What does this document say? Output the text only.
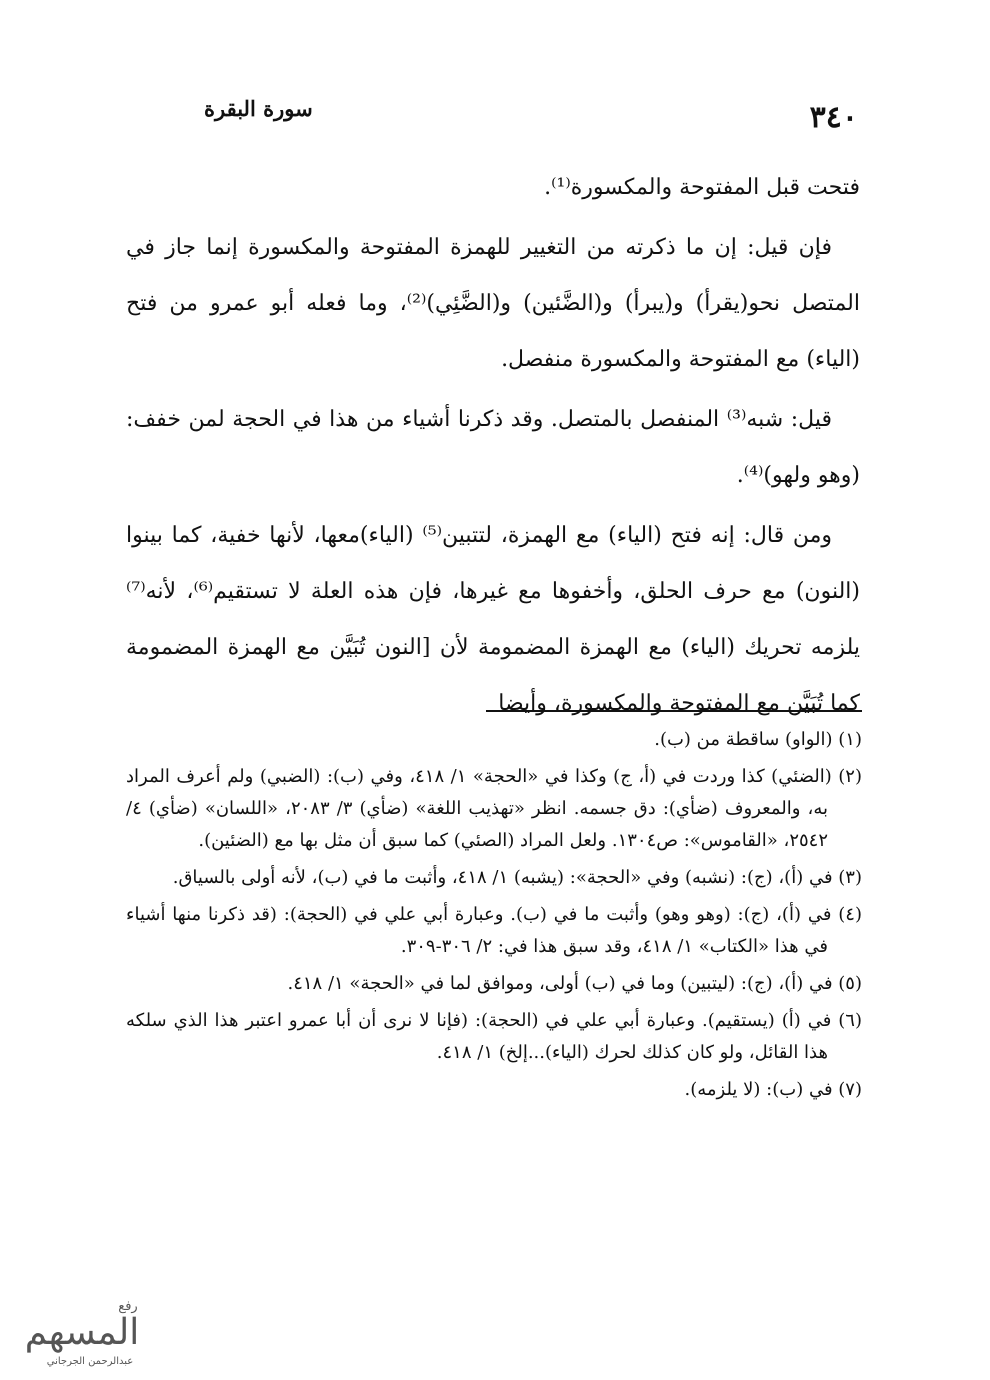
٣٤٠
سورة البقرة

فتحت قبل المفتوحة والمكسورة⁽¹⁾.

فإن قيل: إن ما ذكرته من التغيير للهمزة المفتوحة والمكسورة إنما جاز في المتصل نحو(يقرأ) و(يبرأ) و(الضَّئين) و(الضَّئِي)⁽²⁾، وما فعله أبو عمرو من فتح (الياء) مع المفتوحة والمكسورة منفصل.

قيل: شبه⁽³⁾ المنفصل بالمتصل. وقد ذكرنا أشياء من هذا في الحجة لمن خفف: (وهو ولهو)⁽⁴⁾.

ومن قال: إنه فتح (الياء) مع الهمزة، لتتبين⁽⁵⁾ (الياء)معها، لأنها خفية، كما بينوا (النون) مع حرف الحلق، وأخفوها مع غيرها، فإن هذه العلة لا تستقيم⁽⁶⁾، لأنه⁽⁷⁾ يلزمه تحريك (الياء) مع الهمزة المضمومة لأن [النون تُبَيَّن مع الهمزة المضمومة كما تُبَيَّن مع المفتوحة والمكسورة، وأيضا

(١) (الواو) ساقطة من (ب).

(٢) (الضئي) كذا وردت في (أ، ج) وكذا في «الحجة» ١/ ٤١٨، وفي (ب): (الضبي) ولم أعرف المراد به، والمعروف (ضأي): دق جسمه. انظر «تهذيب اللغة» (ضأي) ٣/ ٢٠٨٣، «اللسان» (ضأي) ٤/ ٢٥٤٢، «القاموس»: ص١٣٠٤. ولعل المراد (الصئي) كما سبق أن مثل بها مع (الضئين).

(٣) في (أ)، (ج): (نشبه) وفي «الحجة»: (يشبه) ١/ ٤١٨، وأثبت ما في (ب)، لأنه أولى بالسياق.

(٤) في (أ)، (ج): (وهو وهو) وأثبت ما في (ب). وعبارة أبي علي في (الحجة): (قد ذكرنا منها أشياء في هذا «الكتاب» ١/ ٤١٨، وقد سبق هذا في: ٢/ ٣٠٦-٣٠٩.

(٥) في (أ)، (ج): (ليتبين) وما في (ب) أولى، وموافق لما في «الحجة» ١/ ٤١٨.

(٦) في (أ) (يستقيم). وعبارة أبي علي في (الحجة): (فإنا لا نرى أن أبا عمرو اعتبر هذا الذي سلكه هذا القائل، ولو كان كذلك لحرك (الياء)...إلخ) ١/ ٤١٨.

(٧) في (ب): (لا يلزمه).

رفع
المسهم
عبدالرحمن الجرجاني
